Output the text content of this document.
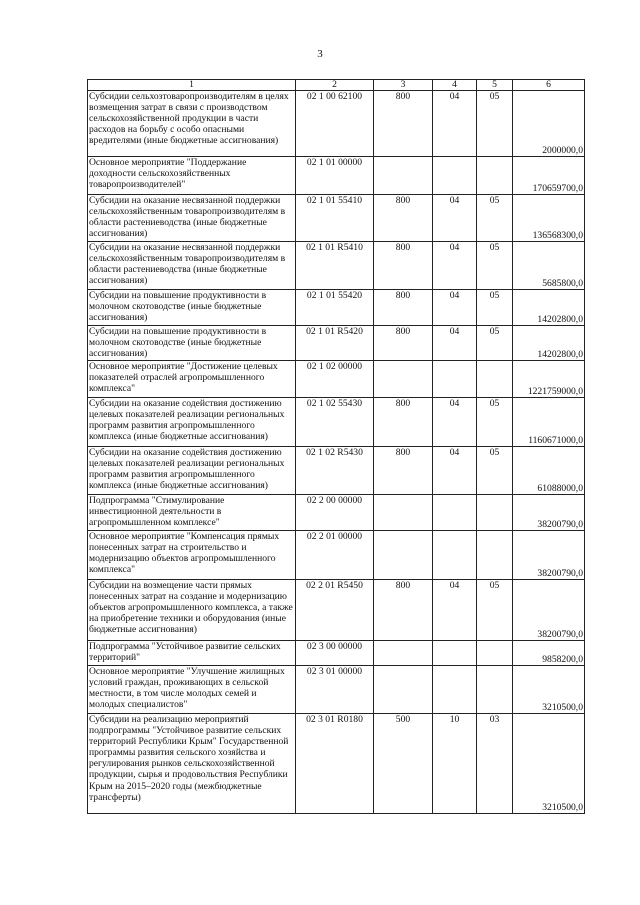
3
1	2	3	4	5	6
Субсидии сельхозтоваропроизводителям в целях возмещения затрат в связи с производством сельскохозяйственной продукции в части расходов на борьбу с особо опасными вредителями (иные бюджетные ассигнования)	02 1 00 62100	800	04	05	2000000,0
Основное мероприятие "Поддержание доходности сельскохозяйственных товаропроизводителей"	02 1 01 00000				170659700,0
Субсидии на оказание несвязанной поддержки сельскохозяйственным товаропроизводителям в области растениеводства (иные бюджетные ассигнования)	02 1 01 55410	800	04	05	136568300,0
Субсидии на оказание несвязанной поддержки сельскохозяйственным товаропроизводителям в области растениеводства (иные бюджетные ассигнования)	02 1 01 R5410	800	04	05	5685800,0
Субсидии на повышение продуктивности в молочном скотоводстве (иные бюджетные ассигнования)	02 1 01 55420	800	04	05	14202800,0
Субсидии на повышение продуктивности в молочном скотоводстве (иные бюджетные ассигнования)	02 1 01 R5420	800	04	05	14202800,0
Основное мероприятие "Достижение целевых показателей отраслей агропромышленного комплекса"	02 1 02 00000				1221759000,0
Субсидии на оказание содействия достижению целевых показателей реализации региональных программ развития агропромышленного комплекса (иные бюджетные ассигнования)	02 1 02 55430	800	04	05	1160671000,0
Субсидии на оказание содействия достижению целевых показателей реализации региональных программ развития агропромышленного комплекса (иные бюджетные ассигнования)	02 1 02 R5430	800	04	05	61088000,0
Подпрограмма "Стимулирование инвестиционной деятельности в агропромышленном комплексе"	02 2 00 00000				38200790,0
Основное мероприятие "Компенсация прямых понесенных затрат на строительство и модернизацию объектов агропромышленного комплекса"	02 2 01 00000				38200790,0
Субсидии на возмещение части прямых понесенных затрат на создание и модернизацию объектов агропромышленного комплекса, а также на приобретение техники и оборудования (иные бюджетные ассигнования)	02 2 01 R5450	800	04	05	38200790,0
Подпрограмма "Устойчивое развитие сельских территорий"	02 3 00 00000				9858200,0
Основное мероприятие "Улучшение жилищных условий граждан, проживающих в сельской местности, в том числе молодых семей и молодых специалистов"	02 3 01 00000				3210500,0
Субсидии на реализацию мероприятий подпрограммы "Устойчивое развитие сельских территорий Республики Крым" Государственной программы развития сельского хозяйства и регулирования рынков сельскохозяйственной продукции, сырья и продовольствия Республики Крым на 2015–2020 годы (межбюджетные трансферты)	02 3 01 R0180	500	10	03	3210500,0
